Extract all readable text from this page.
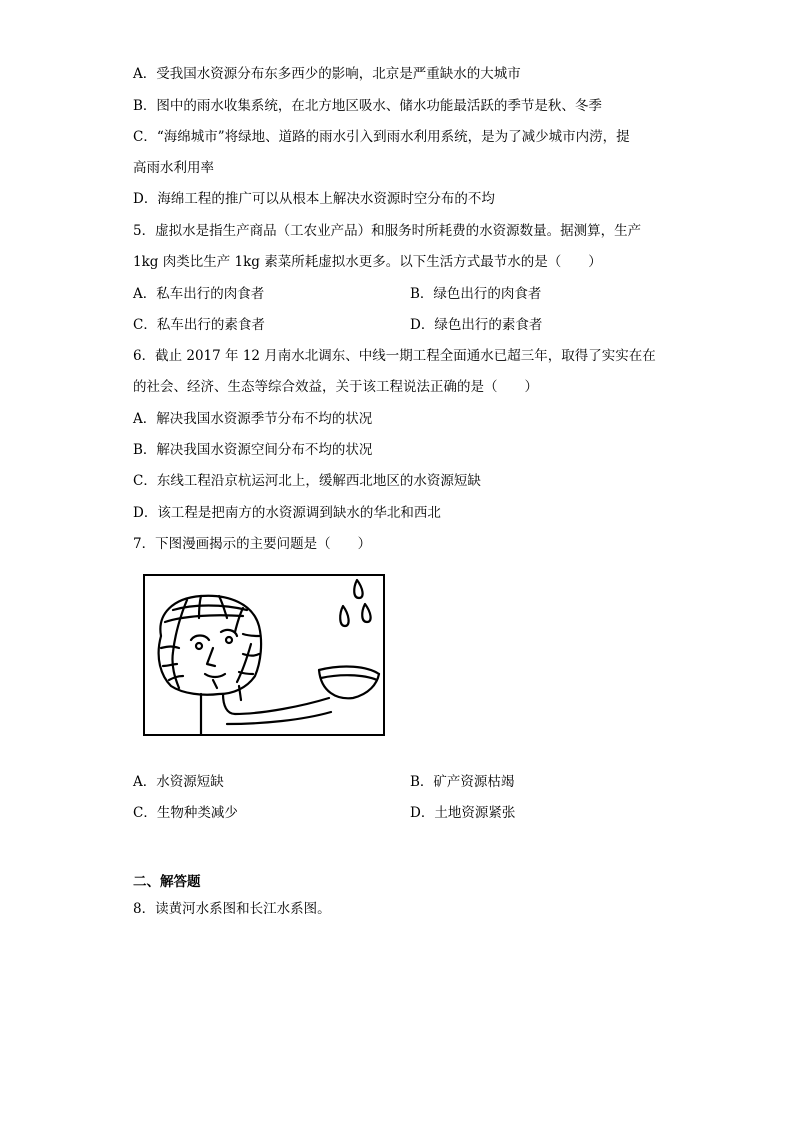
A．受我国水资源分布东多西少的影响，北京是严重缺水的大城市
B．图中的雨水收集系统，在北方地区吸水、储水功能最活跃的季节是秋、冬季
C．“海绵城市”将绿地、道路的雨水引入到雨水利用系统，是为了减少城市内涝，提
高雨水利用率
D．海绵工程的推广可以从根本上解决水资源时空分布的不均
5．虚拟水是指生产商品（工农业产品）和服务时所耗费的水资源数量。据测算，生产
1kg 肉类比生产 1kg 素菜所耗虚拟水更多。以下生活方式最节水的是（　　）
A．私车出行的肉食者	B．绿色出行的肉食者
C．私车出行的素食者	D．绿色出行的素食者
6．截止 2017 年 12 月南水北调东、中线一期工程全面通水已超三年，取得了实实在在
的社会、经济、生态等综合效益，关于该工程说法正确的是（　　）
A．解决我国水资源季节分布不均的状况
B．解决我国水资源空间分布不均的状况
C．东线工程沿京杭运河北上，缓解西北地区的水资源短缺
D．该工程是把南方的水资源调到缺水的华北和西北
7．下图漫画揭示的主要问题是（　　）
A．水资源短缺	B．矿产资源枯竭
C．生物种类减少	D．土地资源紧张
二、解答题
8．读黄河水系图和长江水系图。
